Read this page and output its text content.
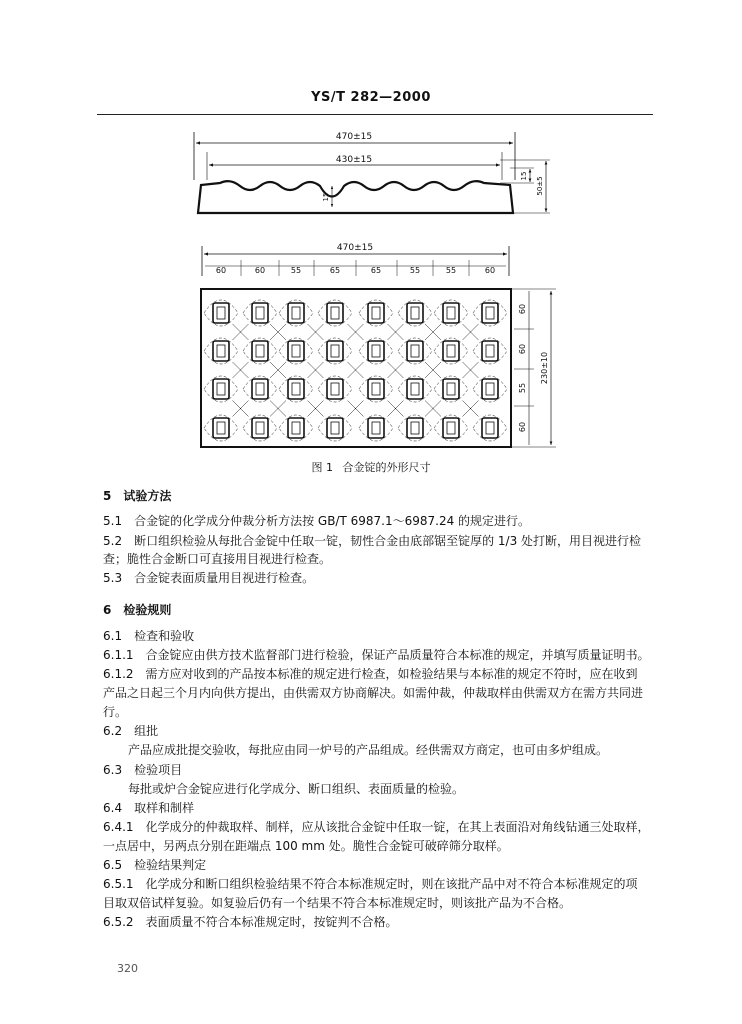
YS/T 282—2000
470±15
430±15
15
50±5
15
470±15
60	60	55	65	65	55	55	60
60
60
55
60
230±10
图 1 合金锭的外形尺寸
5　试验方法
5.1　合金锭的化学成分仲裁分析方法按 GB/T 6987.1～6987.24 的规定进行。
5.2　断口组织检验从每批合金锭中任取一锭，韧性合金由底部锯至锭厚的 1/3 处打断，用目视进行检
查；脆性合金断口可直接用目视进行检查。
5.3　合金锭表面质量用目视进行检查。
6　检验规则
6.1　检查和验收
6.1.1　合金锭应由供方技术监督部门进行检验，保证产品质量符合本标准的规定，并填写质量证明书。
6.1.2　需方应对收到的产品按本标准的规定进行检查，如检验结果与本标准的规定不符时，应在收到
产品之日起三个月内向供方提出，由供需双方协商解决。如需仲裁，仲裁取样由供需双方在需方共同进
行。
6.2　组批
产品应成批提交验收，每批应由同一炉号的产品组成。经供需双方商定，也可由多炉组成。
6.3　检验项目
每批或炉合金锭应进行化学成分、断口组织、表面质量的检验。
6.4　取样和制样
6.4.1　化学成分的仲裁取样、制样，应从该批合金锭中任取一锭，在其上表面沿对角线钻通三处取样，
一点居中，另两点分别在距端点 100 mm 处。脆性合金锭可破碎筛分取样。
6.5　检验结果判定
6.5.1　化学成分和断口组织检验结果不符合本标准规定时，则在该批产品中对不符合本标准规定的项
目取双倍试样复验。如复验后仍有一个结果不符合本标准规定时，则该批产品为不合格。
6.5.2　表面质量不符合本标准规定时，按锭判不合格。
320
